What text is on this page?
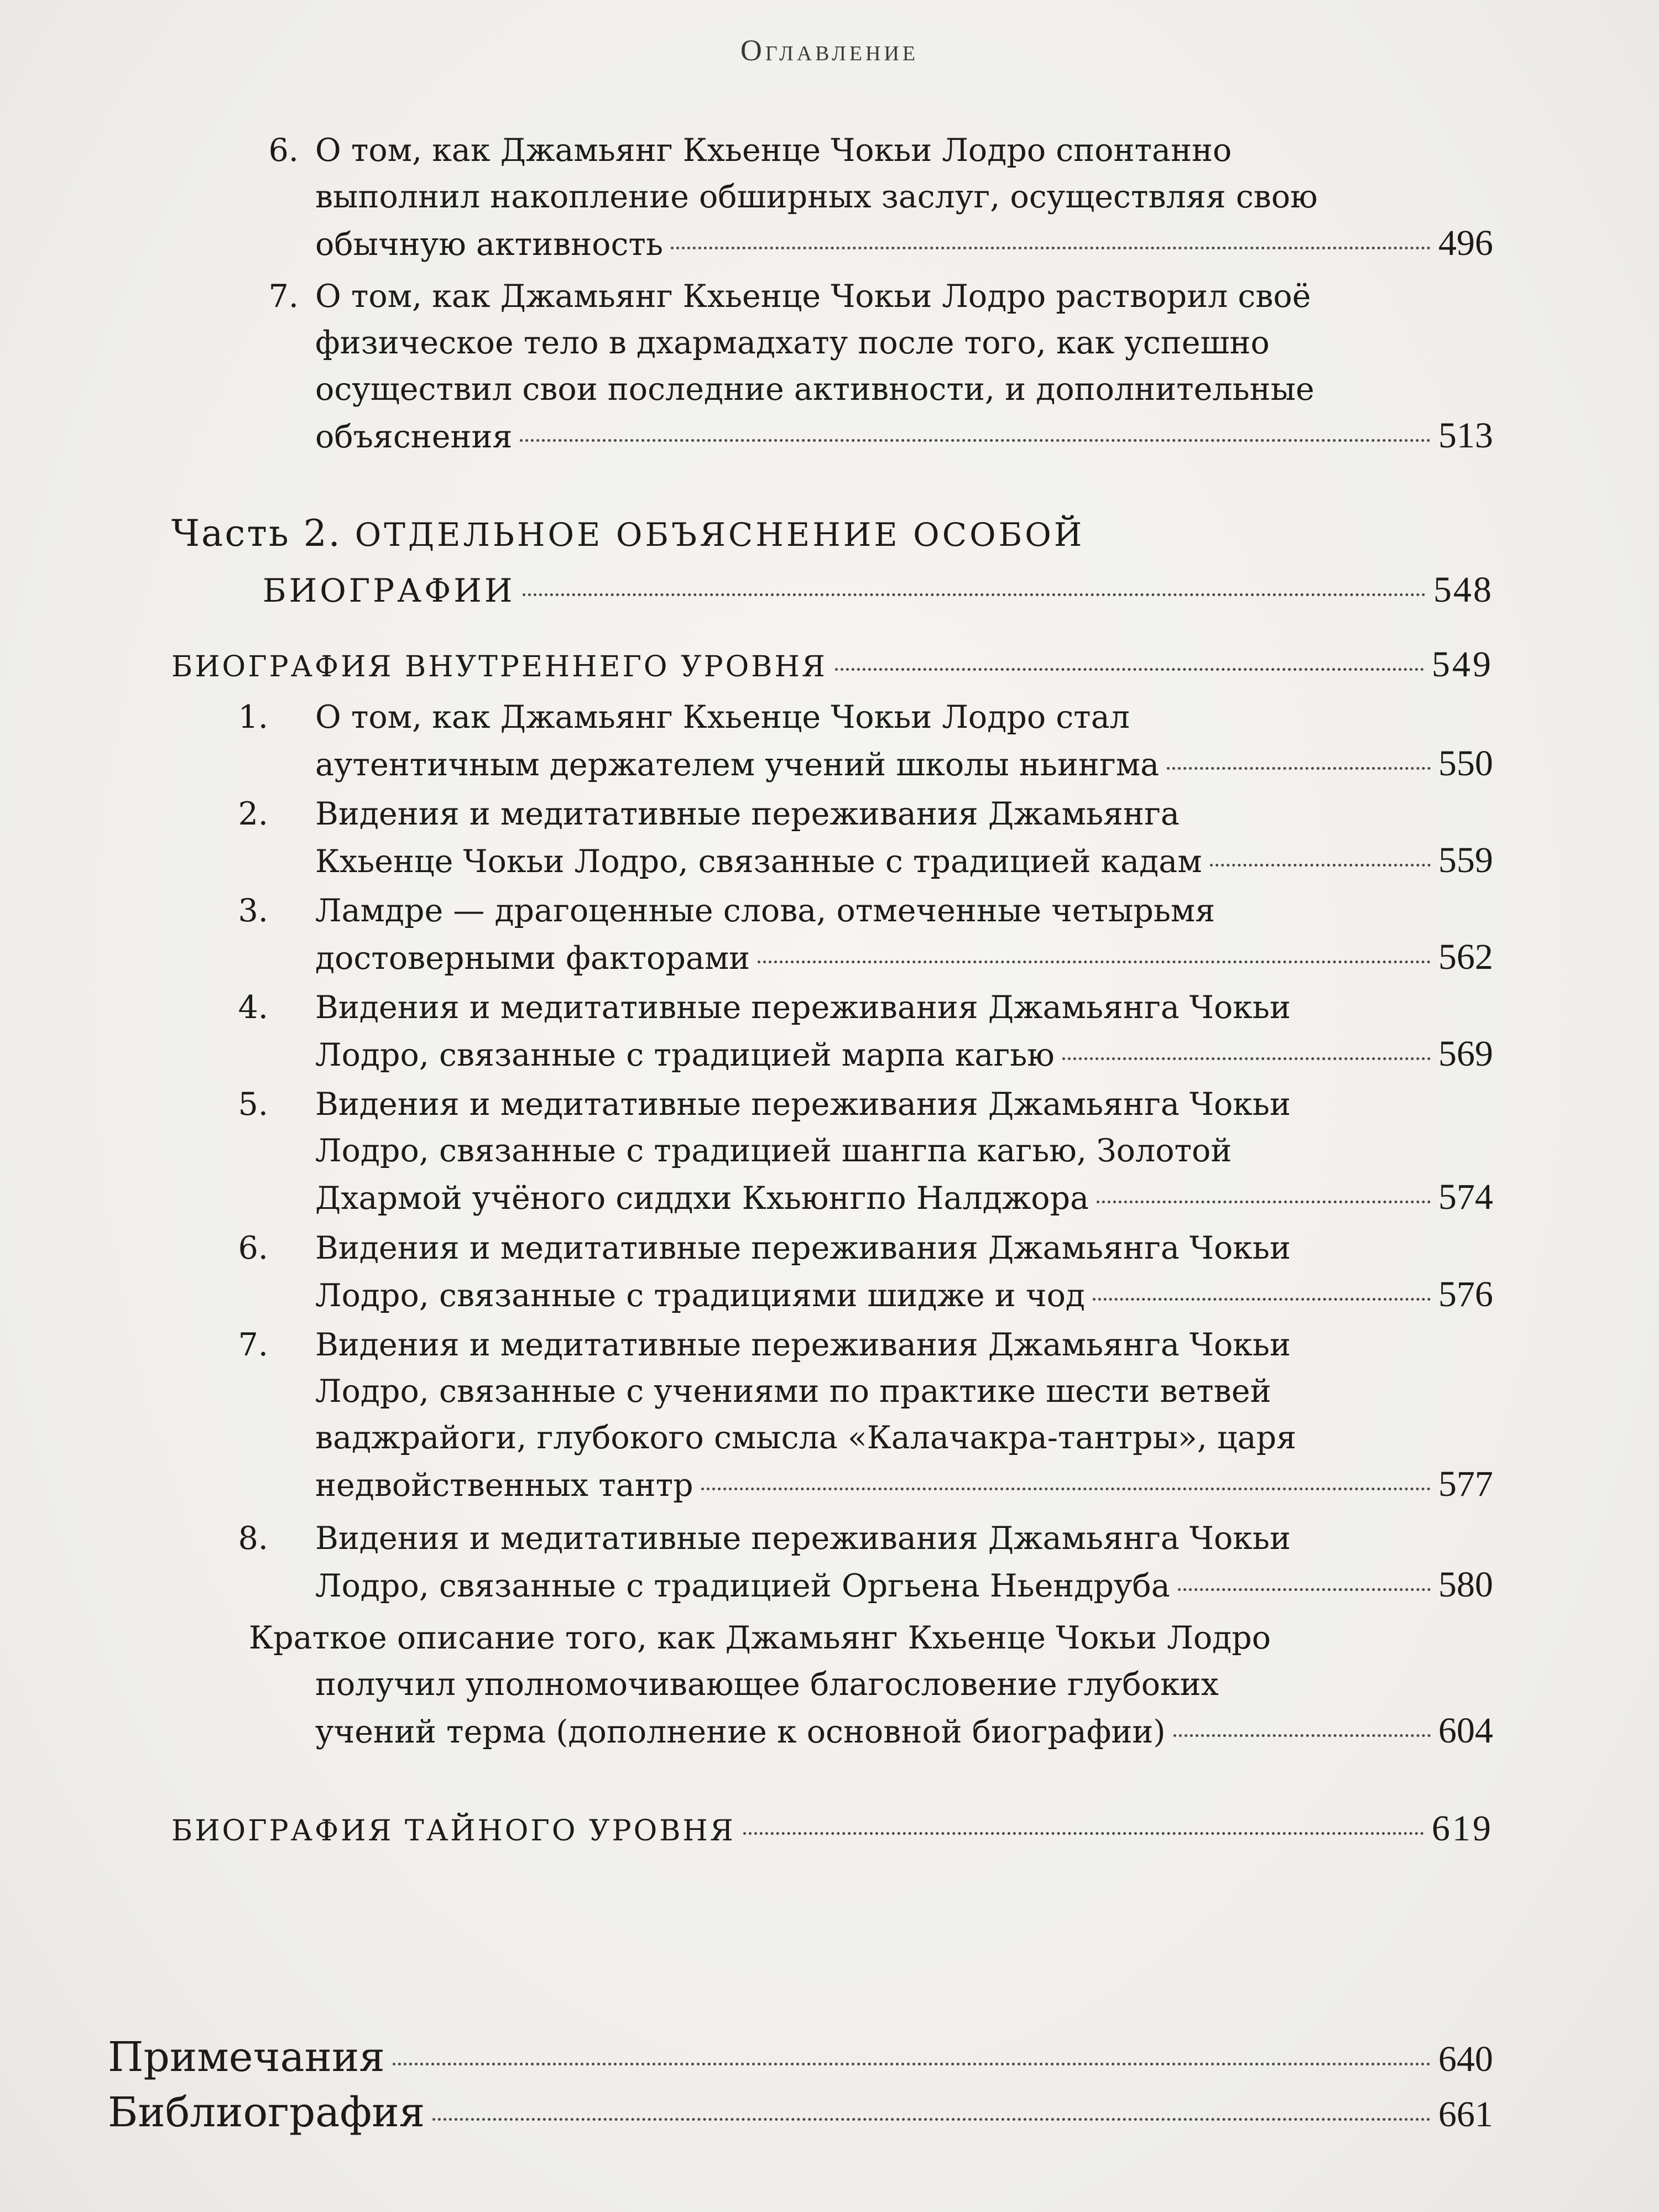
Оглавление
6. О том, как Джамьянг Кхьенце Чокьи Лодро спонтанно
выполнил накопление обширных заслуг, осуществляя свою
обычную активность	496
7. О том, как Джамьянг Кхьенце Чокьи Лодро растворил своё
физическое тело в дхармадхату после того, как успешно
осуществил свои последние активности, и дополнительные
объяснения	513
Часть 2. ОТДЕЛЬНОЕ ОБЪЯСНЕНИЕ ОСОБОЙ
БИОГРАФИИ	548
БИОГРАФИЯ ВНУТРЕННЕГО УРОВНЯ	549
1. О том, как Джамьянг Кхьенце Чокьи Лодро стал
аутентичным держателем учений школы ньингма	550
2. Видения и медитативные переживания Джамьянга
Кхьенце Чокьи Лодро, связанные с традицией кадам	559
3. Ламдре — драгоценные слова, отмеченные четырьмя
достоверными факторами	562
4. Видения и медитативные переживания Джамьянга Чокьи
Лодро, связанные с традицией марпа кагью	569
5. Видения и медитативные переживания Джамьянга Чокьи
Лодро, связанные с традицией шангпа кагью, Золотой
Дхармой учёного сиддхи Кхьюнгпо Налджора	574
6. Видения и медитативные переживания Джамьянга Чокьи
Лодро, связанные с традициями шидже и чод	576
7. Видения и медитативные переживания Джамьянга Чокьи
Лодро, связанные с учениями по практике шести ветвей
ваджрайоги, глубокого смысла «Калачакра-тантры», царя
недвойственных тантр	577
8. Видения и медитативные переживания Джамьянга Чокьи
Лодро, связанные с традицией Оргьена Ньендруба	580
Краткое описание того, как Джамьянг Кхьенце Чокьи Лодро
получил уполномочивающее благословение глубоких
учений терма (дополнение к основной биографии)	604
БИОГРАФИЯ ТАЙНОГО УРОВНЯ	619
Примечания	640
Библиография	661
